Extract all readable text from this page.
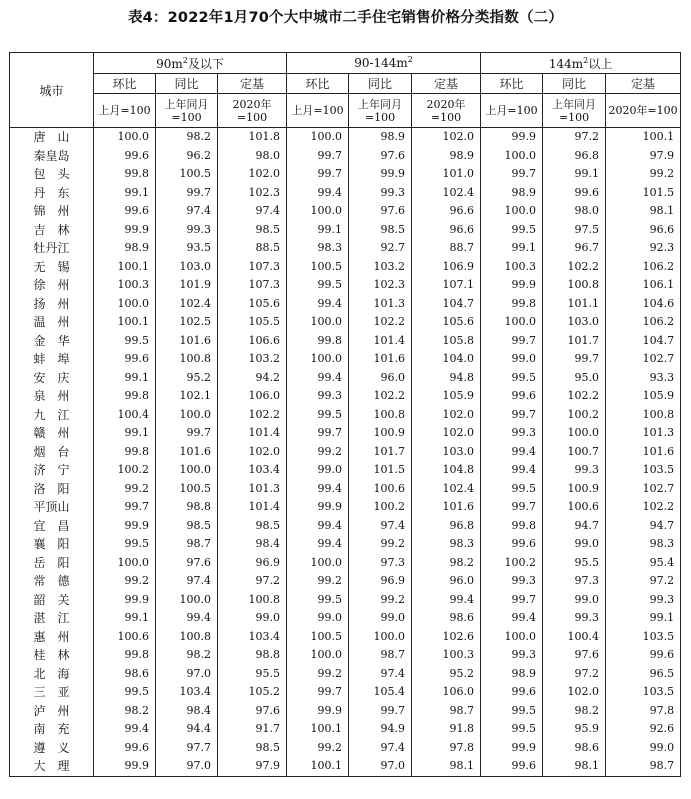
表4：2022年1月70个大中城市二手住宅销售价格分类指数（二）
城市	$90m^2$及以下			$90-144m^2$			$144m^2$以上		
	环比	同比	定基	环比	同比	定基	环比	同比	定基
	上月=100	上年同月=100	2020年=100	上月=100	上年同月=100	2020年=100	上月=100	上年同月=100	2020年=100
唐　山	100.0	98.2	101.8	100.0	98.9	102.0	99.9	97.2	100.1
秦皇岛	99.6	96.2	98.0	99.7	97.6	98.9	100.0	96.8	97.9
包　头	99.8	100.5	102.0	99.7	99.9	101.0	99.7	99.1	99.2
丹　东	99.1	99.7	102.3	99.4	99.3	102.4	98.9	99.6	101.5
锦　州	99.6	97.4	97.4	100.0	97.6	96.6	100.0	98.0	98.1
吉　林	99.9	99.3	98.5	99.1	98.5	96.6	99.5	97.5	96.6
牡丹江	98.9	93.5	88.5	98.3	92.7	88.7	99.1	96.7	92.3
无　锡	100.1	103.0	107.3	100.5	103.2	106.9	100.3	102.2	106.2
徐　州	100.3	101.9	107.3	99.5	102.3	107.1	99.9	100.8	106.1
扬　州	100.0	102.4	105.6	99.4	101.3	104.7	99.8	101.1	104.6
温　州	100.1	102.5	105.5	100.0	102.2	105.6	100.0	103.0	106.2
金　华	99.5	101.6	106.6	99.8	101.4	105.8	99.7	101.7	104.7
蚌　埠	99.6	100.8	103.2	100.0	101.6	104.0	99.0	99.7	102.7
安　庆	99.1	95.2	94.2	99.4	96.0	94.8	99.5	95.0	93.3
泉　州	99.8	102.1	106.0	99.3	102.2	105.9	99.6	102.2	105.9
九　江	100.4	100.0	102.2	99.5	100.8	102.0	99.7	100.2	100.8
赣　州	99.1	99.7	101.4	99.7	100.9	102.0	99.3	100.0	101.3
烟　台	99.8	101.6	102.0	99.2	101.7	103.0	99.4	100.7	101.6
济　宁	100.2	100.0	103.4	99.0	101.5	104.8	99.4	99.3	103.5
洛　阳	99.2	100.5	101.3	99.4	100.6	102.4	99.5	100.9	102.7
平顶山	99.7	98.8	101.4	99.9	100.2	101.6	99.7	100.6	102.2
宜　昌	99.9	98.5	98.5	99.4	97.4	96.8	99.8	94.7	94.7
襄　阳	99.5	98.7	98.4	99.4	99.2	98.3	99.6	99.0	98.3
岳　阳	100.0	97.6	96.9	100.0	97.3	98.2	100.2	95.5	95.4
常　德	99.2	97.4	97.2	99.2	96.9	96.0	99.3	97.3	97.2
韶　关	99.9	100.0	100.8	99.5	99.2	99.4	99.7	99.0	99.3
湛　江	99.1	99.4	99.0	99.0	99.0	98.6	99.4	99.3	99.1
惠　州	100.6	100.8	103.4	100.5	100.0	102.6	100.0	100.4	103.5
桂　林	99.8	98.2	98.8	100.0	98.7	100.3	99.3	97.6	99.6
北　海	98.6	97.0	95.5	99.2	97.4	95.2	98.9	97.2	96.5
三　亚	99.5	103.4	105.2	99.7	105.4	106.0	99.6	102.0	103.5
泸　州	98.2	98.4	97.6	99.9	99.7	98.7	99.5	98.2	97.8
南　充	99.4	94.4	91.7	100.1	94.9	91.8	99.5	95.9	92.6
遵　义	99.6	97.7	98.5	99.2	97.4	97.8	99.9	98.6	99.0
大　理	99.9	97.0	97.9	100.1	97.0	98.1	99.6	98.1	98.7
